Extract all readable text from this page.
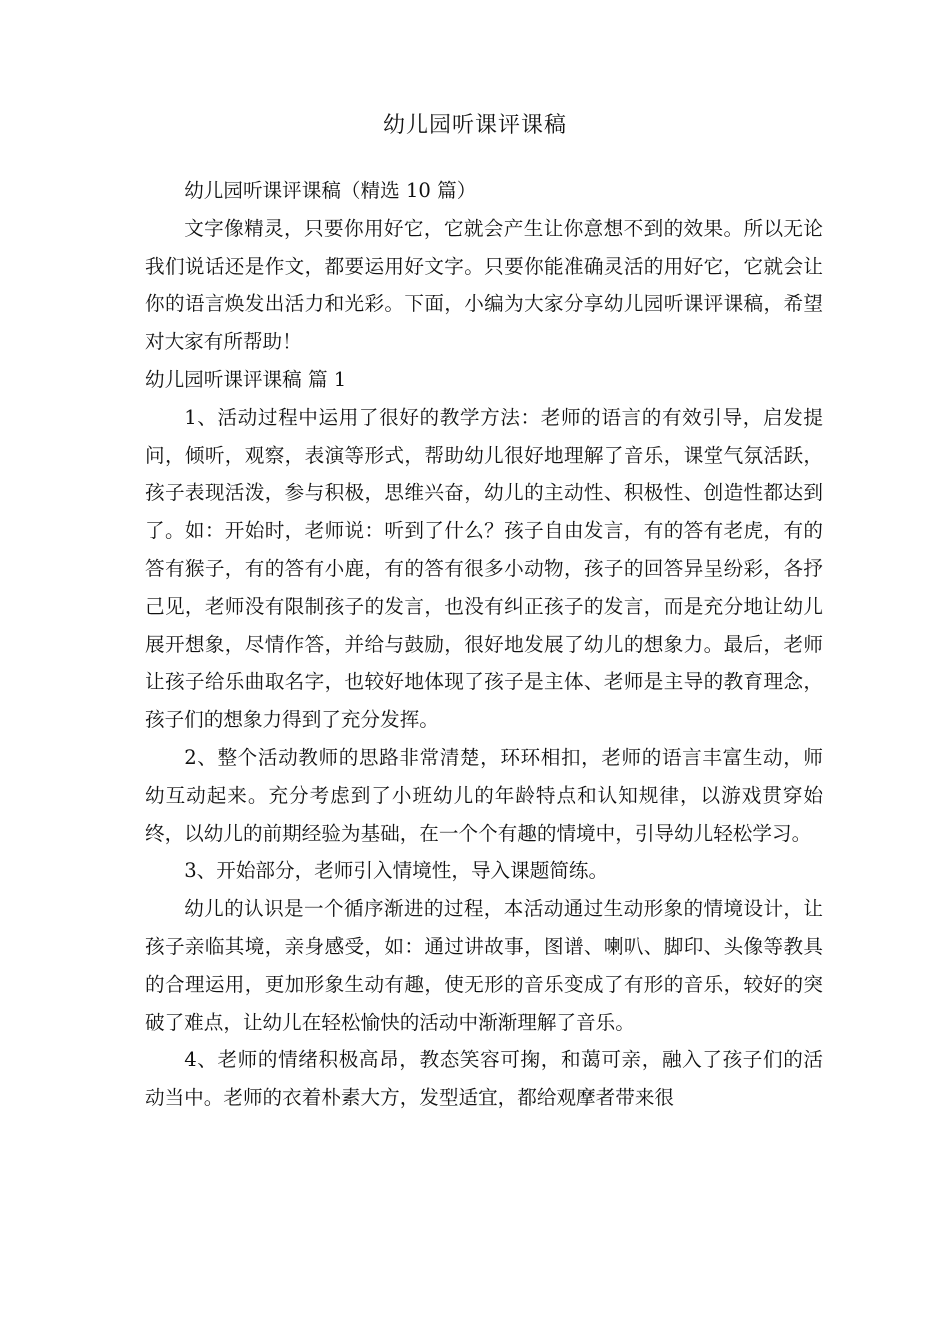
幼儿园听课评课稿

幼儿园听课评课稿（精选 10 篇）

文字像精灵，只要你用好它，它就会产生让你意想不到的效果。所以无论我们说话还是作文，都要运用好文字。只要你能准确灵活的用好它，它就会让你的语言焕发出活力和光彩。下面，小编为大家分享幼儿园听课评课稿，希望对大家有所帮助！

幼儿园听课评课稿 篇 1

1、活动过程中运用了很好的教学方法：老师的语言的有效引导，启发提问，倾听，观察，表演等形式，帮助幼儿很好地理解了音乐，课堂气氛活跃，孩子表现活泼，参与积极，思维兴奋，幼儿的主动性、积极性、创造性都达到了。如：开始时，老师说：听到了什么？孩子自由发言，有的答有老虎，有的答有猴子，有的答有小鹿，有的答有很多小动物，孩子的回答异呈纷彩，各抒己见，老师没有限制孩子的发言，也没有纠正孩子的发言，而是充分地让幼儿展开想象，尽情作答，并给与鼓励，很好地发展了幼儿的想象力。最后，老师让孩子给乐曲取名字，也较好地体现了孩子是主体、老师是主导的教育理念，孩子们的想象力得到了充分发挥。

2、整个活动教师的思路非常清楚，环环相扣，老师的语言丰富生动，师幼互动起来。充分考虑到了小班幼儿的年龄特点和认知规律，以游戏贯穿始终，以幼儿的前期经验为基础，在一个个有趣的情境中，引导幼儿轻松学习。

3、开始部分，老师引入情境性，导入课题简练。

幼儿的认识是一个循序渐进的过程，本活动通过生动形象的情境设计，让孩子亲临其境，亲身感受，如：通过讲故事，图谱、喇叭、脚印、头像等教具的合理运用，更加形象生动有趣，使无形的音乐变成了有形的音乐，较好的突破了难点，让幼儿在轻松愉快的活动中渐渐理解了音乐。

4、老师的情绪积极高昂，教态笑容可掬，和蔼可亲，融入了孩子们的活动当中。老师的衣着朴素大方，发型适宜，都给观摩者带来很
